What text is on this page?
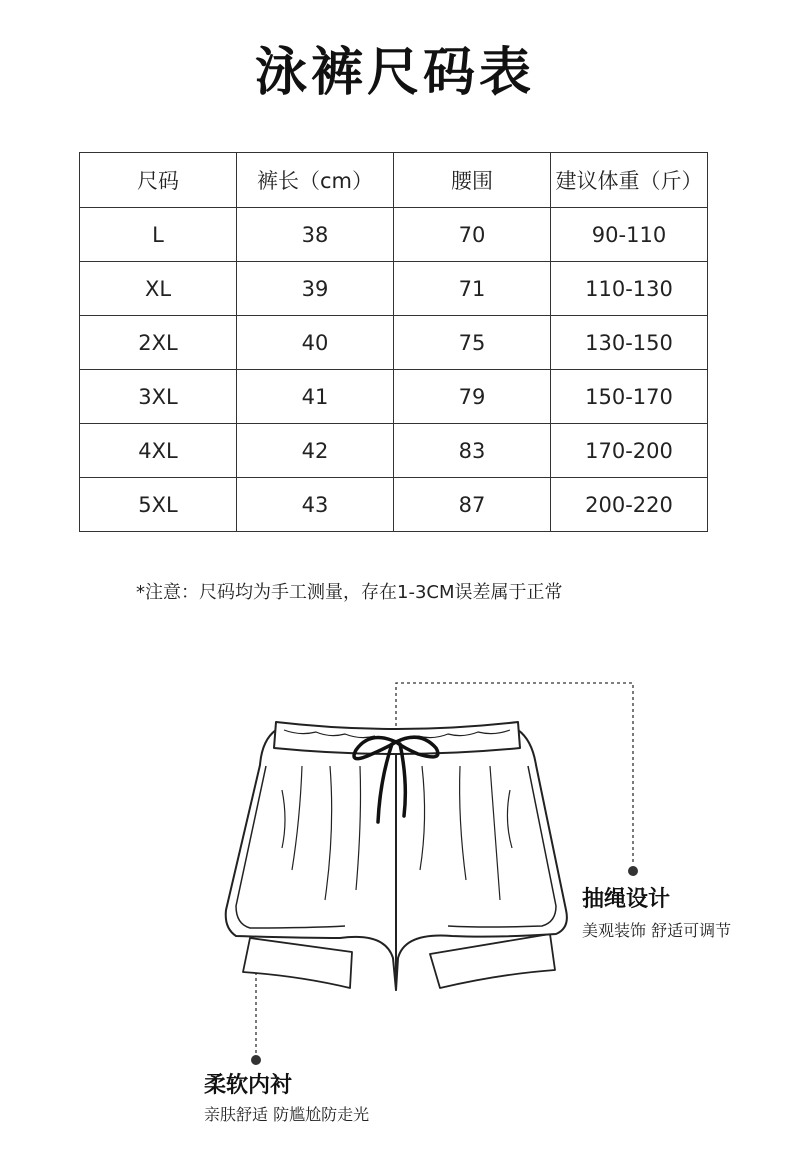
泳裤尺码表
尺码	裤长（cm）	腰围	建议体重（斤）
L	38	70	90-110
XL	39	71	110-130
2XL	40	75	130-150
3XL	41	79	150-170
4XL	42	83	170-200
5XL	43	87	200-220
*注意：尺码均为手工测量，存在1-3CM误差属于正常
抽绳设计
美观装饰 舒适可调节
柔软内衬
亲肤舒适 防尴尬防走光
